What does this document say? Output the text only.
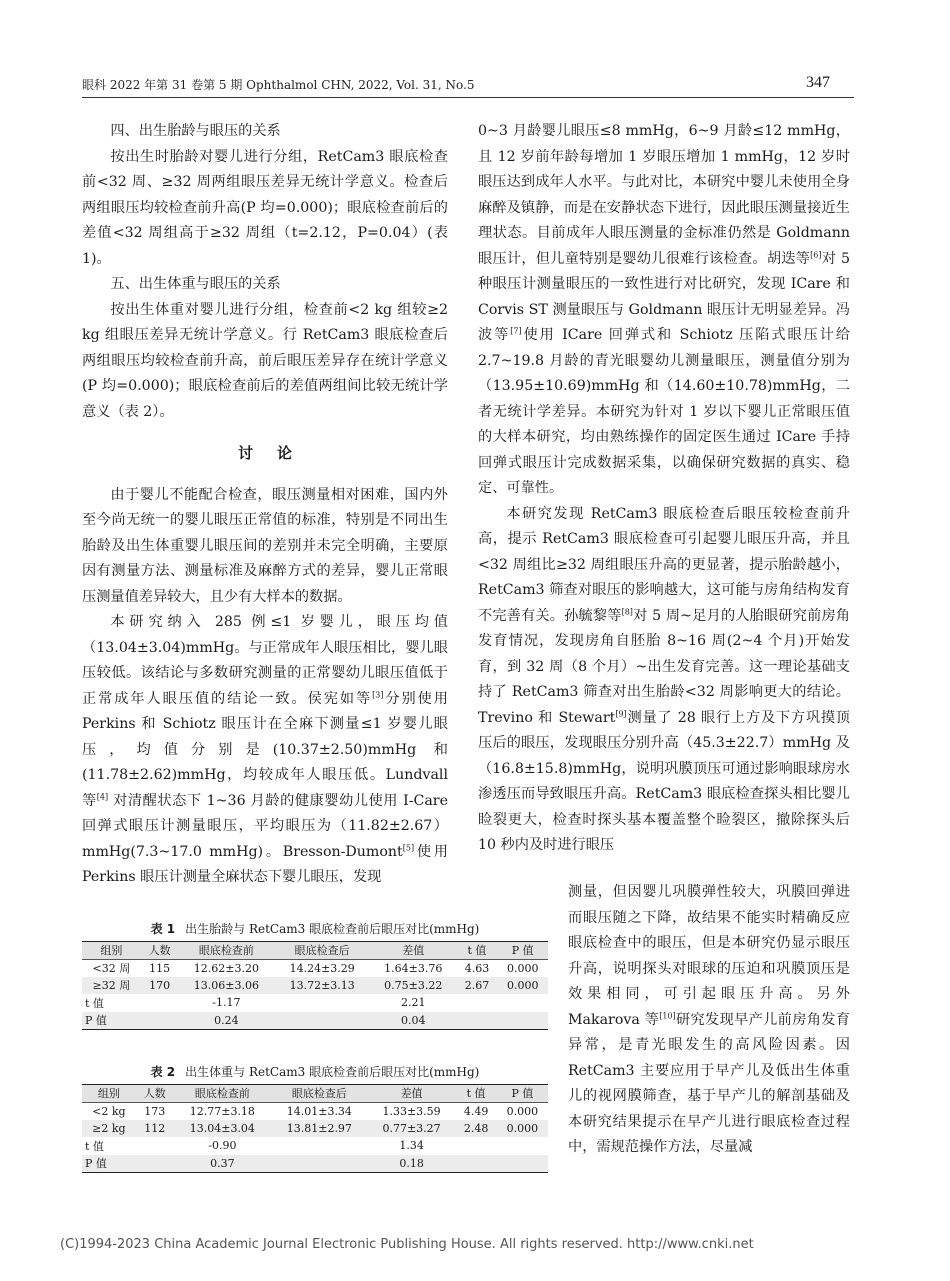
眼科 2022 年第 31 卷第 5 期 Ophthalmol CHN, 2022, Vol. 31, No.5	347

四、出生胎龄与眼压的关系

按出生时胎龄对婴儿进行分组，RetCam3 眼底检查前<32 周、≥32 周两组眼压差异无统计学意义。检查后两组眼压均较检查前升高(P 均=0.000)；眼底检查前后的差值<32 周组高于≥32 周组（t=2.12，P=0.04）(表 1)。

五、出生体重与眼压的关系

按出生体重对婴儿进行分组，检查前<2 kg 组较≥2 kg 组眼压差异无统计学意义。行 RetCam3 眼底检查后两组眼压均较检查前升高，前后眼压差异存在统计学意义(P 均=0.000)；眼底检查前后的差值两组间比较无统计学意义（表 2）。

讨论

由于婴儿不能配合检查，眼压测量相对困难，国内外至今尚无统一的婴儿眼压正常值的标准，特别是不同出生胎龄及出生体重婴儿眼压间的差别并未完全明确，主要原因有测量方法、测量标准及麻醉方式的差异，婴儿正常眼压测量值差异较大，且少有大样本的数据。

本研究纳入 285 例≤1 岁婴儿，眼压均值（13.04±3.04)mmHg。与正常成年人眼压相比，婴儿眼压较低。该结论与多数研究测量的正常婴幼儿眼压值低于正常成年人眼压值的结论一致。侯宪如等[3]分别使用 Perkins 和 Schiotz 眼压计在全麻下测量≤1 岁婴儿眼压，均值分别是(10.37±2.50)mmHg 和(11.78±2.62)mmHg，均较成年人眼压低。Lundvall 等[4] 对清醒状态下 1~36 月龄的健康婴幼儿使用 I-Care 回弹式眼压计测量眼压，平均眼压为（11.82±2.67）mmHg(7.3~17.0 mmHg)。Bresson-Dumont[5]使用 Perkins 眼压计测量全麻状态下婴儿眼压，发现

0~3 月龄婴儿眼压≤8 mmHg，6~9 月龄≤12 mmHg，且 12 岁前年龄每增加 1 岁眼压增加 1 mmHg，12 岁时眼压达到成年人水平。与此对比，本研究中婴儿未使用全身麻醉及镇静，而是在安静状态下进行，因此眼压测量接近生理状态。目前成年人眼压测量的金标准仍然是 Goldmann 眼压计，但儿童特别是婴幼儿很难行该检查。胡迭等[6]对 5 种眼压计测量眼压的一致性进行对比研究，发现 ICare 和 Corvis ST 测量眼压与 Goldmann 眼压计无明显差异。冯波等[7]使用 ICare 回弹式和 Schiotz 压陷式眼压计给 2.7~19.8 月龄的青光眼婴幼儿测量眼压，测量值分别为（13.95±10.69)mmHg 和（14.60±10.78)mmHg，二者无统计学差异。本研究为针对 1 岁以下婴儿正常眼压值的大样本研究，均由熟练操作的固定医生通过 ICare 手持回弹式眼压计完成数据采集，以确保研究数据的真实、稳定、可靠性。

本研究发现 RetCam3 眼底检查后眼压较检查前升高，提示 RetCam3 眼底检查可引起婴儿眼压升高，并且<32 周组比≥32 周组眼压升高的更显著，提示胎龄越小，RetCam3 筛查对眼压的影响越大，这可能与房角结构发育不完善有关。孙毓黎等[8]对 5 周~足月的人胎眼研究前房角发育情况，发现房角自胚胎 8~16 周(2~4 个月)开始发育，到 32 周（8 个月）~出生发育完善。这一理论基础支持了 RetCam3 筛查对出生胎龄<32 周影响更大的结论。Trevino 和 Stewart[9]测量了 28 眼行上方及下方巩摸顶压后的眼压，发现眼压分别升高（45.3±22.7）mmHg 及（16.8±15.8)mmHg，说明巩膜顶压可通过影响眼球房水渗透压而导致眼压升高。RetCam3 眼底检查探头相比婴儿睑裂更大，检查时探头基本覆盖整个睑裂区，撤除探头后 10 秒内及时进行眼压

测量，但因婴儿巩膜弹性较大，巩膜回弹进而眼压随之下降，故结果不能实时精确反应眼底检查中的眼压，但是本研究仍显示眼压升高，说明探头对眼球的压迫和巩膜顶压是效果相同，可引起眼压升高。另外 Makarova 等[10]研究发现早产儿前房角发育异常，是青光眼发生的高风险因素。因 RetCam3 主要应用于早产儿及低出生体重儿的视网膜筛查，基于早产儿的解剖基础及本研究结果提示在早产儿进行眼底检查过程中，需规范操作方法，尽量减

表 1 出生胎龄与 RetCam3 眼底检查前后眼压对比(mmHg)
组别	人数	眼底检查前	眼底检查后	差值	t 值	P 值
<32 周	115	12.62±3.20	14.24±3.29	1.64±3.76	4.63	0.000
≥32 周	170	13.06±3.06	13.72±3.13	0.75±3.22	2.67	0.000
t 值		-1.17		2.21		
P 值		0.24		0.04		
表 2 出生体重与 RetCam3 眼底检查前后眼压对比(mmHg)
组别	人数	眼底检查前	眼底检查后	差值	t 值	P 值
<2 kg	173	12.77±3.18	14.01±3.34	1.33±3.59	4.49	0.000
≥2 kg	112	13.04±3.04	13.81±2.97	0.77±3.27	2.48	0.000
t 值		-0.90		1.34		
P 值		0.37		0.18		
(C)1994-2023 China Academic Journal Electronic Publishing House. All rights reserved. http://www.cnki.net
